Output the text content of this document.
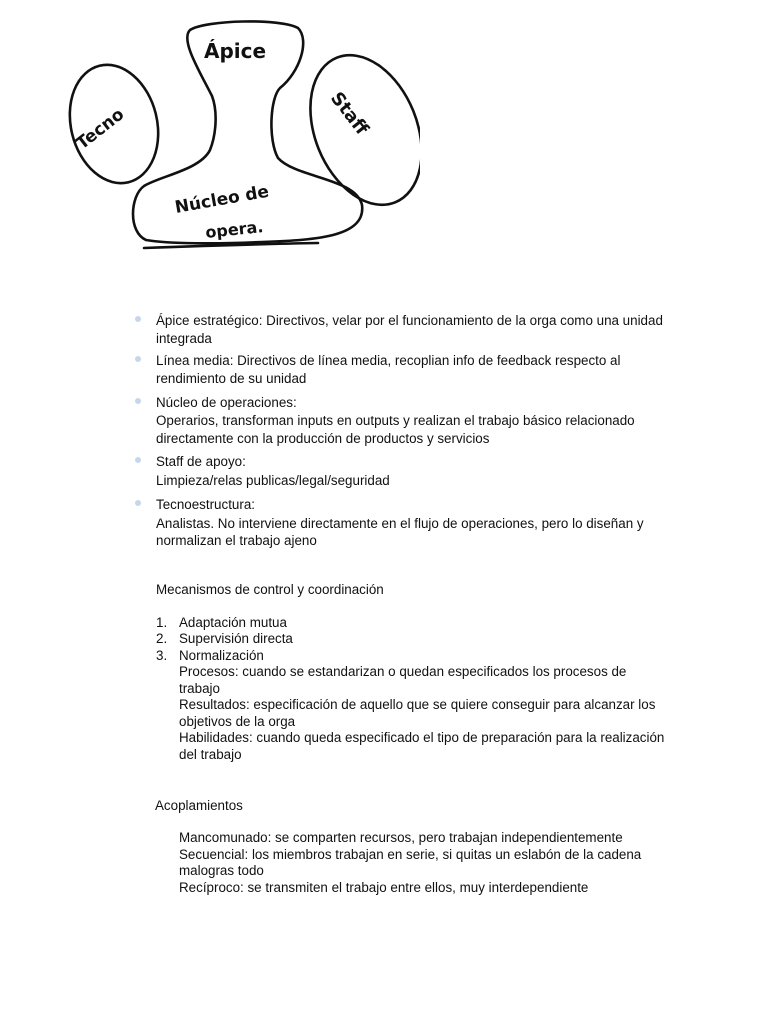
Ápice
Tecno	Staff
Núcleo de
opera.
Ápice estratégico: Directivos, velar por el funcionamiento de la orga como una unidad integrada
Línea media: Directivos de línea media, recoplian info de feedback respecto al rendimiento de su unidad
Núcleo de operaciones:
Operarios, transforman inputs en outputs y realizan el trabajo básico relacionado directamente con la producción de productos y servicios
Staff de apoyo:
Limpieza/relas publicas/legal/seguridad
Tecnoestructura:
Analistas. No interviene directamente en el flujo de operaciones, pero lo diseñan y normalizan el trabajo ajeno
Mecanismos de control y coordinación
1. Adaptación mutua
2. Supervisión directa
3. Normalización
Procesos: cuando se estandarizan o quedan especificados los procesos de trabajo
Resultados: especificación de aquello que se quiere conseguir para alcanzar los objetivos de la orga
Habilidades: cuando queda especificado el tipo de preparación para la realización del trabajo
Acoplamientos
Mancomunado: se comparten recursos, pero trabajan independientemente
Secuencial: los miembros trabajan en serie, si quitas un eslabón de la cadena malogras todo
Recíproco: se transmiten el trabajo entre ellos, muy interdependiente
